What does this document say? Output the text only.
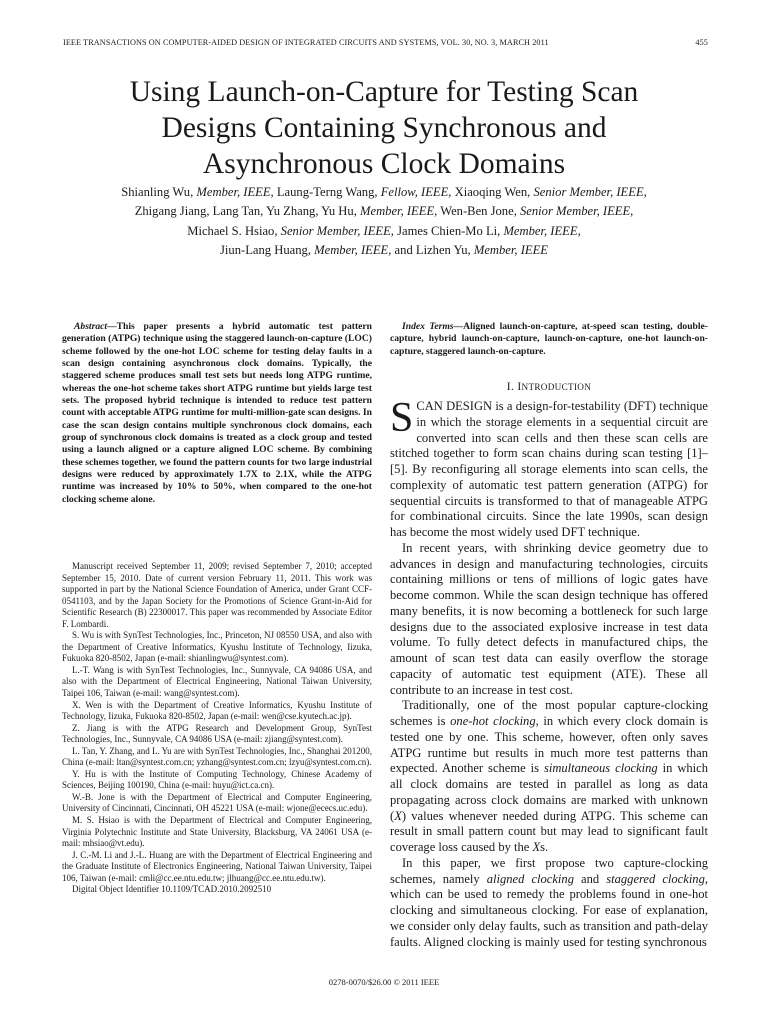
IEEE TRANSACTIONS ON COMPUTER-AIDED DESIGN OF INTEGRATED CIRCUITS AND SYSTEMS, VOL. 30, NO. 3, MARCH 2011	455
Using Launch-on-Capture for Testing Scan
Designs Containing Synchronous and
Asynchronous Clock Domains
Shianling Wu, Member, IEEE, Laung-Terng Wang, Fellow, IEEE, Xiaoqing Wen, Senior Member, IEEE,
Zhigang Jiang, Lang Tan, Yu Zhang, Yu Hu, Member, IEEE, Wen-Ben Jone, Senior Member, IEEE,
Michael S. Hsiao, Senior Member, IEEE, James Chien-Mo Li, Member, IEEE,
Jiun-Lang Huang, Member, IEEE, and Lizhen Yu, Member, IEEE
Abstract—This paper presents a hybrid automatic test pattern generation (ATPG) technique using the staggered launch-on-capture (LOC) scheme followed by the one-hot LOC scheme for testing delay faults in a scan design containing asynchronous clock domains. Typically, the staggered scheme produces small test sets but needs long ATPG runtime, whereas the one-hot scheme takes short ATPG runtime but yields large test sets. The proposed hybrid technique is intended to reduce test pattern count with acceptable ATPG runtime for multi-million-gate scan designs. In case the scan design contains multiple synchronous clock domains, each group of synchronous clock domains is treated as a clock group and tested using a launch aligned or a capture aligned LOC scheme. By combining these schemes together, we found the pattern counts for two large industrial designs were reduced by approximately 1.7X to 2.1X, while the ATPG runtime was increased by 10% to 50%, when compared to the one-hot clocking scheme alone.

Manuscript received September 11, 2009; revised September 7, 2010; accepted September 15, 2010. Date of current version February 11, 2011. This work was supported in part by the National Science Foundation of America, under Grant CCF-0541103, and by the Japan Society for the Promotions of Science Grant-in-Aid for Scientific Research (B) 22300017. This paper was recommended by Associate Editor F. Lombardi.

S. Wu is with SynTest Technologies, Inc., Princeton, NJ 08550 USA, and also with the Department of Creative Informatics, Kyushu Institute of Technology, Iizuka, Fukuoka 820-8502, Japan (e-mail: shianlingwu@syntest.com).

L.-T. Wang is with SynTest Technologies, Inc., Sunnyvale, CA 94086 USA, and also with the Department of Electrical Engineering, National Taiwan University, Taipei 106, Taiwan (e-mail: wang@syntest.com).

X. Wen is with the Department of Creative Informatics, Kyushu Institute of Technology, Iizuka, Fukuoka 820-8502, Japan (e-mail: wen@cse.kyutech.ac.jp).

Z. Jiang is with the ATPG Research and Development Group, SynTest Technologies, Inc., Sunnyvale, CA 94086 USA (e-mail: zjiang@syntest.com).

L. Tan, Y. Zhang, and L. Yu are with SynTest Technologies, Inc., Shanghai 201200, China (e-mail: ltan@syntest.com.cn; yzhang@syntest.com.cn; lzyu@syntest.com.cn).

Y. Hu is with the Institute of Computing Technology, Chinese Academy of Sciences, Beijing 100190, China (e-mail: huyu@ict.ca.cn).

W.-B. Jone is with the Department of Electrical and Computer Engineering, University of Cincinnati, Cincinnati, OH 45221 USA (e-mail: wjone@ececs.uc.edu).

M. S. Hsiao is with the Department of Electrical and Computer Engineering, Virginia Polytechnic Institute and State University, Blacksburg, VA 24061 USA (e-mail: mhsiao@vt.edu).

J. C.-M. Li and J.-L. Huang are with the Department of Electrical Engineering and the Graduate Institute of Electronics Engineering, National Taiwan University, Taipei 106, Taiwan (e-mail: cmli@cc.ee.ntu.edu.tw; jlhuang@cc.ee.ntu.edu.tw).

Digital Object Identifier 10.1109/TCAD.2010.2092510

Index Terms—Aligned launch-on-capture, at-speed scan testing, double-capture, hybrid launch-on-capture, launch-on-capture, one-hot launch-on-capture, staggered launch-on-capture.
I. INTRODUCTION

SCAN DESIGN is a design-for-testability (DFT) technique in which the storage elements in a sequential circuit are converted into scan cells and then these scan cells are stitched together to form scan chains during scan testing [1]–[5]. By reconfiguring all storage elements into scan cells, the complexity of automatic test pattern generation (ATPG) for sequential circuits is transformed to that of manageable ATPG for combinational circuits. Since the late 1990s, scan design has become the most widely used DFT technique.

In recent years, with shrinking device geometry due to advances in design and manufacturing technologies, circuits containing millions or tens of millions of logic gates have become common. While the scan design technique has offered many benefits, it is now becoming a bottleneck for such large designs due to the associated explosive increase in test data volume. To fully detect defects in manufactured chips, the amount of scan test data can easily overflow the storage capacity of automatic test equipment (ATE). These all contribute to an increase in test cost.

Traditionally, one of the most popular capture-clocking schemes is one-hot clocking, in which every clock domain is tested one by one. This scheme, however, often only saves ATPG runtime but results in much more test patterns than expected. Another scheme is simultaneous clocking in which all clock domains are tested in parallel as long as data propagating across clock domains are marked with unknown (X) values whenever needed during ATPG. This scheme can result in small pattern count but may lead to significant fault coverage loss caused by the Xs.

In this paper, we first propose two capture-clocking schemes, namely aligned clocking and staggered clocking, which can be used to remedy the problems found in one-hot clocking and simultaneous clocking. For ease of explanation, we consider only delay faults, such as transition and path-delay faults. Aligned clocking is mainly used for testing synchronous

0278-0070/$26.00 © 2011 IEEE
